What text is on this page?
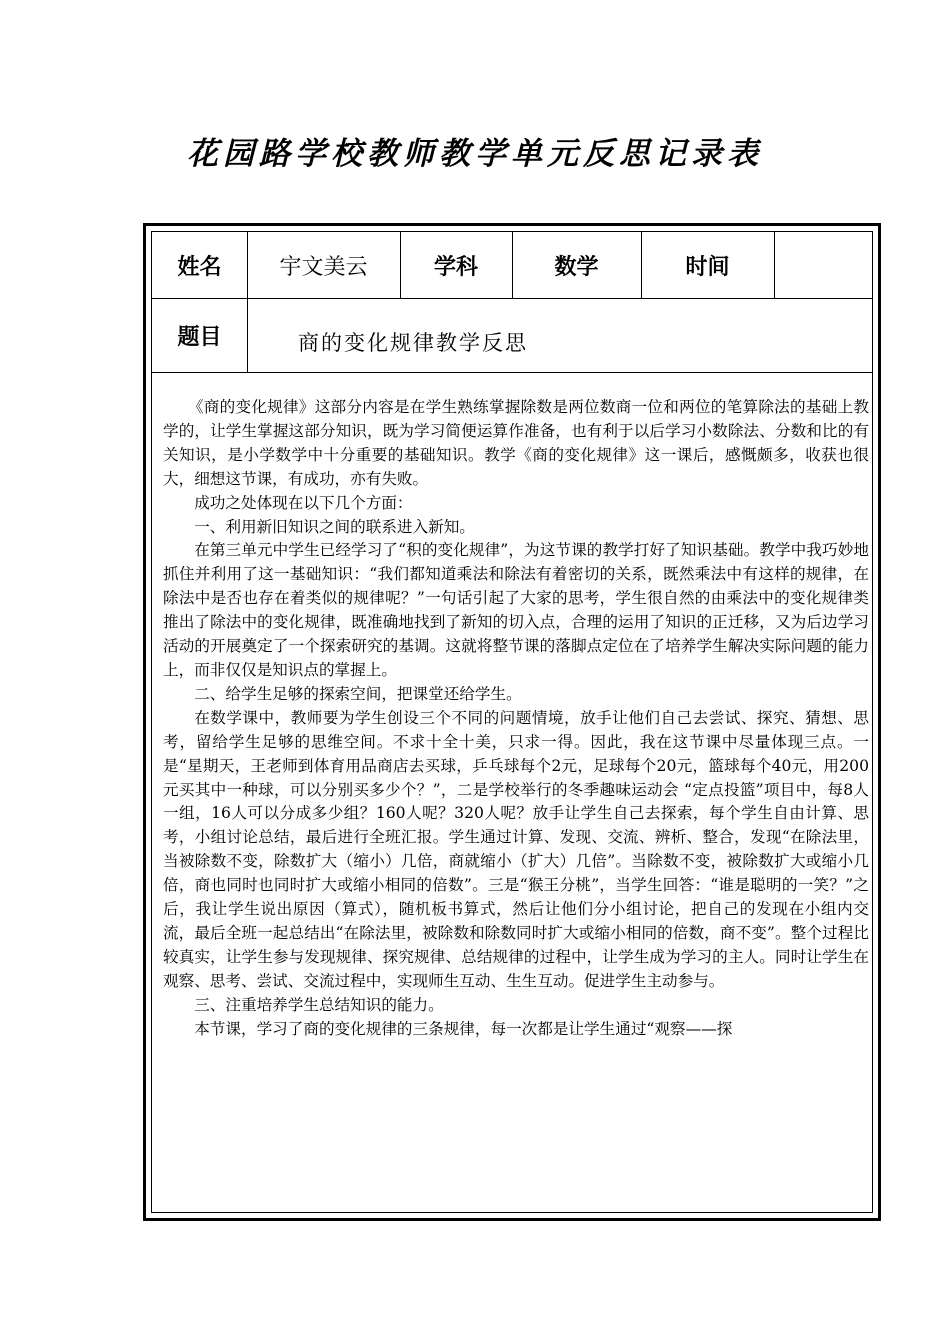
花园路学校教师教学单元反思记录表
姓名	宇文美云	学科	数学	时间
题目	商的变化规律教学反思

《商的变化规律》这部分内容是在学生熟练掌握除数是两位数商一位和两位的笔算除法的基础上教学的，让学生掌握这部分知识，既为学习简便运算作准备，也有利于以后学习小数除法、分数和比的有关知识，是小学数学中十分重要的基础知识。教学《商的变化规律》这一课后，感慨颇多，收获也很大，细想这节课，有成功，亦有失败。

成功之处体现在以下几个方面：

一、利用新旧知识之间的联系进入新知。

在第三单元中学生已经学习了“积的变化规律”，为这节课的教学打好了知识基础。教学中我巧妙地抓住并利用了这一基础知识：“我们都知道乘法和除法有着密切的关系，既然乘法中有这样的规律，在除法中是否也存在着类似的规律呢？”一句话引起了大家的思考，学生很自然的由乘法中的变化规律类推出了除法中的变化规律，既准确地找到了新知的切入点，合理的运用了知识的正迁移，又为后边学习活动的开展奠定了一个探索研究的基调。这就将整节课的落脚点定位在了培养学生解决实际问题的能力上，而非仅仅是知识点的掌握上。

二、给学生足够的探索空间，把课堂还给学生。

在数学课中，教师要为学生创设三个不同的问题情境，放手让他们自己去尝试、探究、猜想、思考，留给学生足够的思维空间。不求十全十美，只求一得。因此，我在这节课中尽量体现三点。一是“星期天，王老师到体育用品商店去买球，乒乓球每个2元，足球每个20元，篮球每个40元，用200元买其中一种球，可以分别买多少个？”，二是学校举行的冬季趣味运动会 “定点投篮”项目中，每8人一组，16人可以分成多少组？160人呢？320人呢？放手让学生自己去探索，每个学生自由计算、思考，小组讨论总结，最后进行全班汇报。学生通过计算、发现、交流、辨析、整合，发现“在除法里，当被除数不变，除数扩大（缩小）几倍，商就缩小（扩大）几倍”。当除数不变，被除数扩大或缩小几倍，商也同时也同时扩大或缩小相同的倍数”。三是“猴王分桃”，当学生回答：“谁是聪明的一笑？”之后，我让学生说出原因（算式），随机板书算式，然后让他们分小组讨论，把自己的发现在小组内交流，最后全班一起总结出“在除法里，被除数和除数同时扩大或缩小相同的倍数，商不变”。整个过程比较真实，让学生参与发现规律、探究规律、总结规律的过程中，让学生成为学习的主人。同时让学生在观察、思考、尝试、交流过程中，实现师生互动、生生互动。促进学生主动参与。

三、注重培养学生总结知识的能力。

本节课，学习了商的变化规律的三条规律，每一次都是让学生通过“观察——探
